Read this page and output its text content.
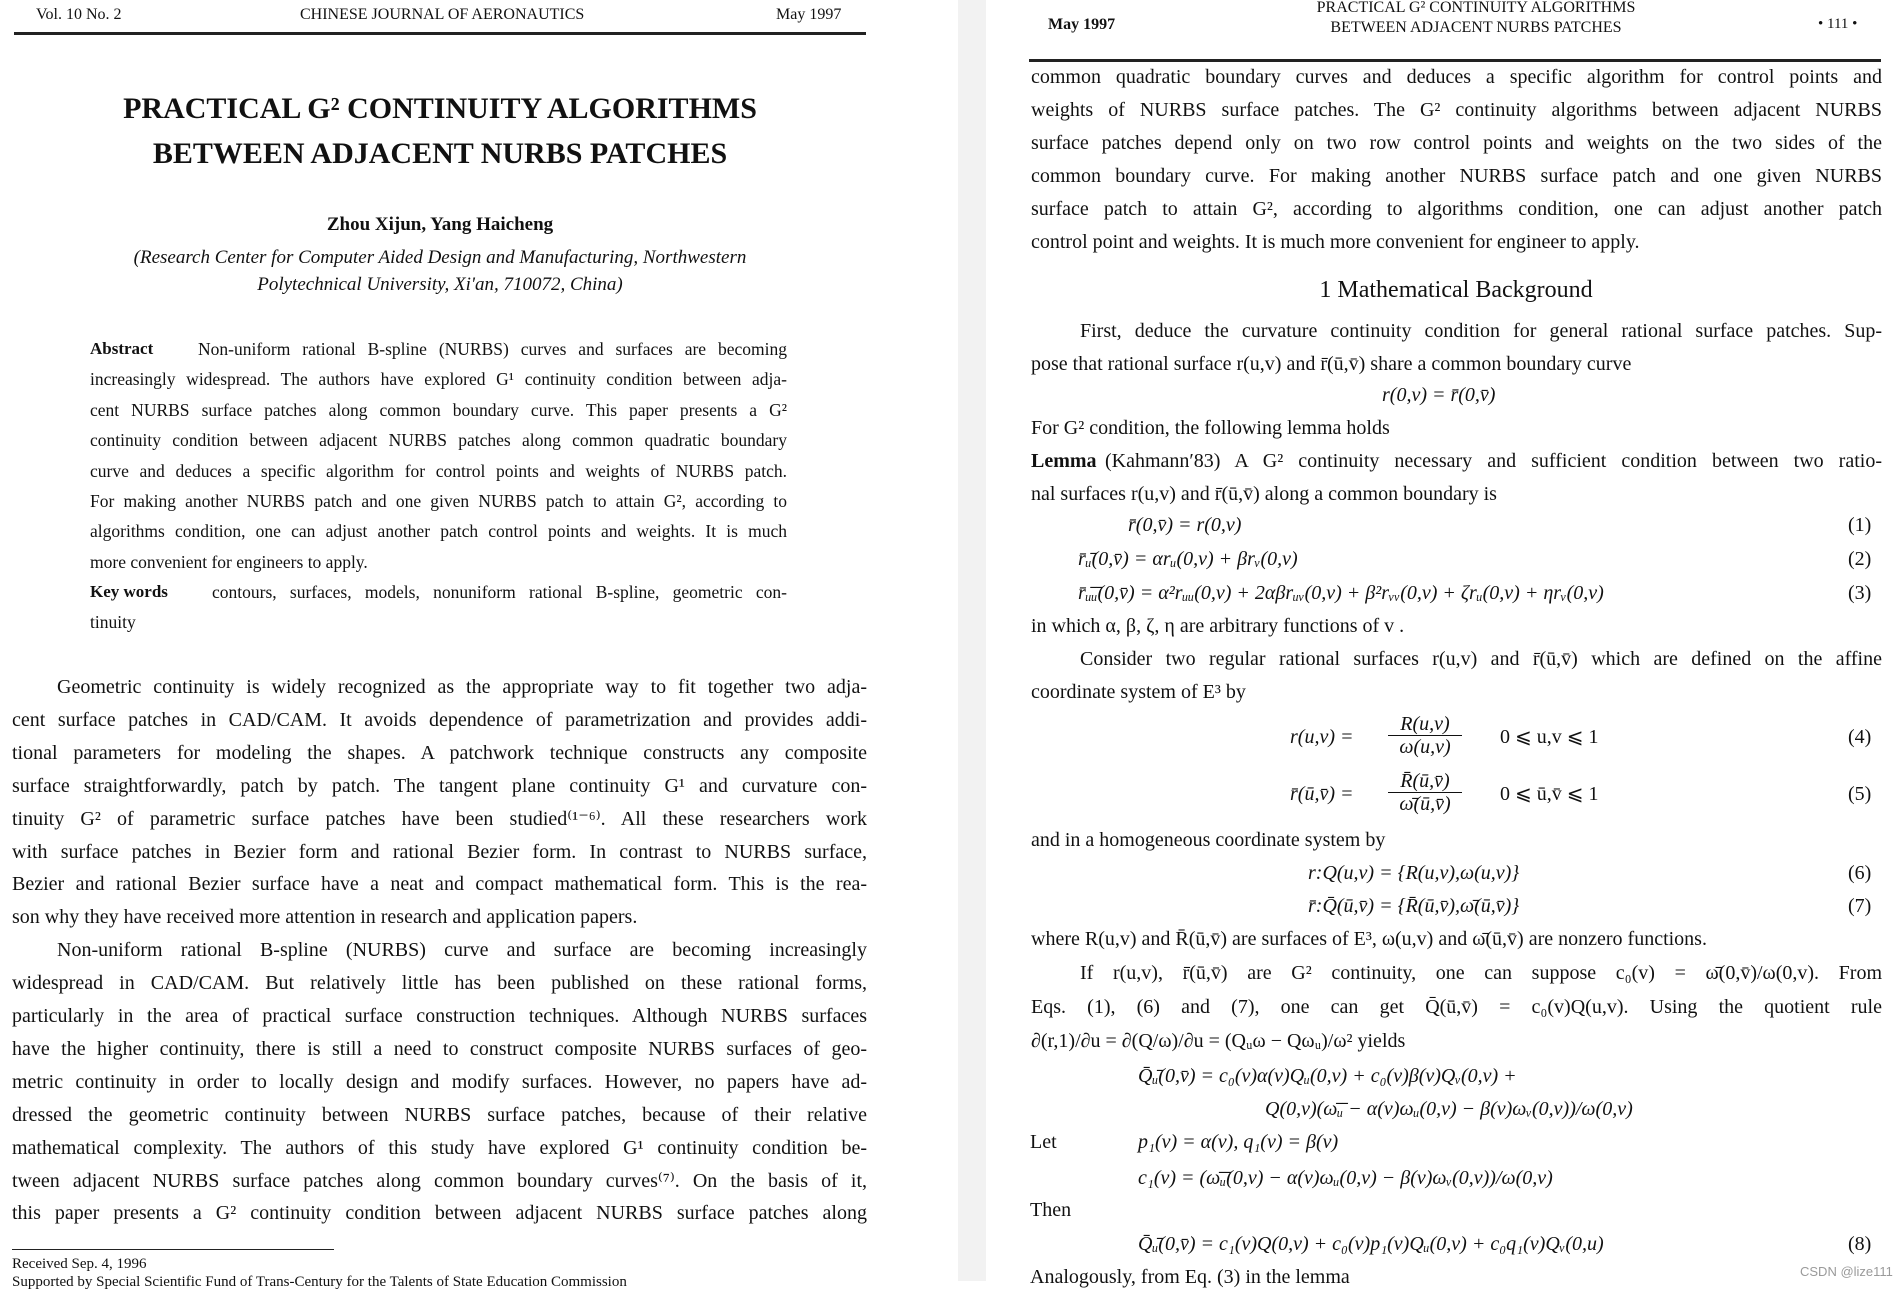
Vol. 10 No. 2	CHINESE JOURNAL OF AERONAUTICS	May 1997
PRACTICAL G² CONTINUITY ALGORITHMS
BETWEEN ADJACENT NURBS PATCHES
Zhou Xijun, Yang Haicheng
(Research Center for Computer Aided Design and Manufacturing, Northwestern
Polytechnical University, Xi'an, 710072, China)
Abstract	Non-uniform rational B-spline (NURBS) curves and surfaces are becoming
increasingly widespread. The authors have explored G¹ continuity condition between adja-
cent NURBS surface patches along common boundary curve. This paper presents a G²
continuity condition between adjacent NURBS patches along common quadratic boundary
curve and deduces a specific algorithm for control points and weights of NURBS patch.
For making another NURBS patch and one given NURBS patch to attain G², according to
algorithms condition, one can adjust another patch control points and weights. It is much
more convenient for engineers to apply.
Key words	contours, surfaces, models, nonuniform rational B-spline, geometric con-
tinuity
Geometric continuity is widely recognized as the appropriate way to fit together two adja-
cent surface patches in CAD/CAM. It avoids dependence of parametrization and provides addi-
tional parameters for modeling the shapes. A patchwork technique constructs any composite
surface straightforwardly, patch by patch. The tangent plane continuity G¹ and curvature con-
tinuity G² of parametric surface patches have been studied⁽¹⁻⁶⁾. All these researchers work
with surface patches in Bezier form and rational Bezier form. In contrast to NURBS surface,
Bezier and rational Bezier surface have a neat and compact mathematical form. This is the rea-
son why they have received more attention in research and application papers.
Non-uniform rational B-spline (NURBS) curve and surface are becoming increasingly
widespread in CAD/CAM. But relatively little has been published on these rational forms,
particularly in the area of practical surface construction techniques. Although NURBS surfaces
have the higher continuity, there is still a need to construct composite NURBS surfaces of geo-
metric continuity in order to locally design and modify surfaces. However, no papers have ad-
dressed the geometric continuity between NURBS surface patches, because of their relative
mathematical complexity. The authors of this study have explored G¹ continuity condition be-
tween adjacent NURBS surface patches along common boundary curves⁽⁷⁾. On the basis of it,
this paper presents a G² continuity condition between adjacent NURBS surface patches along
Received Sep. 4, 1996
Supported by Special Scientific Fund of Trans-Century for the Talents of State Education Commission
May 1997
PRACTICAL G² CONTINUITY ALGORITHMS
BETWEEN ADJACENT NURBS PATCHES	• 111 •
1 Mathematical Background
Lemma
common quadratic boundary curves and deduces a specific algorithm for control points and
weights of NURBS surface patches. The G² continuity algorithms between adjacent NURBS
surface patches depend only on two row control points and weights on the two sides of the
common boundary curve. For making another NURBS surface patch and one given NURBS
surface patch to attain G², according to algorithms condition, one can adjust another patch
control point and weights. It is much more convenient for engineer to apply.
First, deduce the curvature continuity condition for general rational surface patches. Sup-
pose that rational surface r(u,v) and r̄(ū,v̄) share a common boundary curve
r(0,v) = r̄(0,v̄)
For G² condition, the following lemma holds
(Kahmann′83) A G² continuity necessary and sufficient condition between two ratio-
nal surfaces r(u,v) and r̄(ū,v̄) along a common boundary is
r̄(0,v̄) = r(0,v)
r̄ᵤ̄(0,v̄) = αrᵤ(0,v) + βrᵥ(0,v)
r̄ᵤ̄ᵤ̄(0,v̄) = α²rᵤᵤ(0,v) + 2αβrᵤᵥ(0,v) + β²rᵥᵥ(0,v) + ζrᵤ(0,v) + ηrᵥ(0,v)
in which α, β, ζ, η are arbitrary functions of v .
Consider two regular rational surfaces r(u,v) and r̄(ū,v̄) which are defined on the affine
coordinate system of E³ by
and in a homogeneous coordinate system by
r:Q(u,v) = {R(u,v),ω(u,v)}
r̄:Q̄(ū,v̄) = {R̄(ū,v̄),ω̄(ū,v̄)}
where R(u,v) and R̄(ū,v̄) are surfaces of E³, ω(u,v) and ω̄(ū,v̄) are nonzero functions.
If r(u,v), r̄(ū,v̄) are G² continuity, one can suppose c₀(v) = ω̄(0,v̄)/ω(0,v). From
Eqs. (1), (6) and (7), one can get Q̄(ū,v̄) = c₀(v)Q(u,v). Using the quotient rule
∂(r,1)/∂u = ∂(Q/ω)/∂u = (Qᵤω − Qωᵤ)/ω² yields
Q̄ᵤ̄(0,v̄) = c₀(v)α(v)Qᵤ(0,v) + c₀(v)β(v)Qᵥ(0,v) +
Q(0,v)(ω̄ᵤ̄ − α(v)ωᵤ(0,v) − β(v)ωᵥ(0,v))/ω(0,v)
Let	p₁(v) = α(v), q₁(v) = β(v)
c₁(v) = (ω̄ᵤ̄(0,v) − α(v)ωᵤ(0,v) − β(v)ωᵥ(0,v))/ω(0,v)
Then
Q̄ᵤ̄(0,v̄) = c₁(v)Q(0,v) + c₀(v)p₁(v)Qᵤ(0,v) + c₀q₁(v)Qᵥ(0,u)
Analogously, from Eq. (3) in the lemma
$r(u,v) = \frac{R(u,v)}{\omega(u,v)} 0$ ⩽ u,v ⩽ 1
r̄(ū,v̄) = $\frac{R̄(ū,v̄)}{\omegā(ū,v̄)} 0$ ⩽ ū,v̄ ⩽ 1
(1)
(2)
(3)
(4)
(5)
(6)
(7)
(8)
CSDN @lize111
